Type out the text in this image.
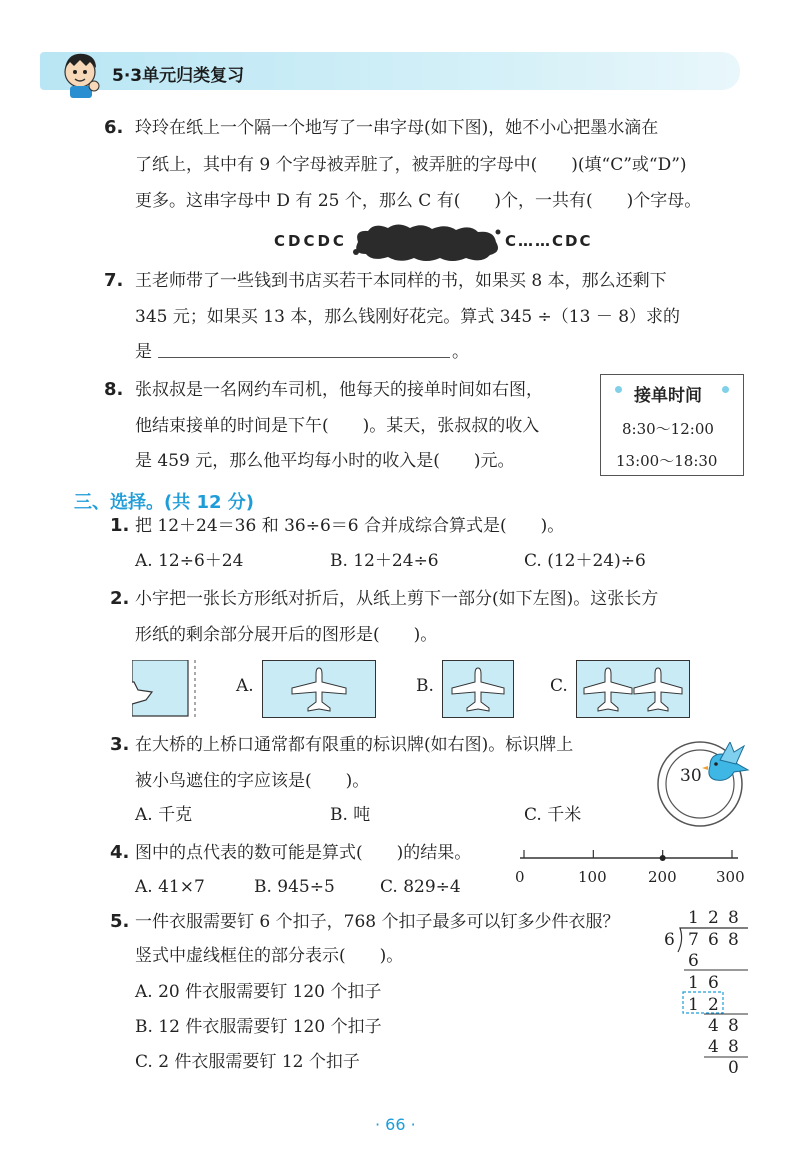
5·3单元归类复习
6. 玲玲在纸上一个隔一个地写了一串字母(如下图)，她不小心把墨水滴在
了纸上，其中有 9 个字母被弄脏了，被弄脏的字母中(　　)(填“C”或“D”)
更多。这串字母中 D 有 25 个，那么 C 有(　　)个，一共有(　　)个字母。
CDCDC	C……CDC
7. 王老师带了一些钱到书店买若干本同样的书，如果买 8 本，那么还剩下
345 元；如果买 13 本，那么钱刚好花完。算式 345 ÷（13 － 8）求的
是	。
8. 张叔叔是一名网约车司机，他每天的接单时间如右图，
他结束接单的时间是下午(　　)。某天，张叔叔的收入
是 459 元，那么他平均每小时的收入是(　　)元。
接单时间
8:30～12:00
13:00～18:30
三、选择。(共 12 分)
1. 把 12＋24＝36 和 36÷6＝6 合并成综合算式是(　　)。
A. 12÷6＋24	B. 12＋24÷6	C. (12＋24)÷6
2. 小宇把一张长方形纸对折后，从纸上剪下一部分(如下左图)。这张长方
形纸的剩余部分展开后的图形是(　　)。
A.	B.	C.
3. 在大桥的上桥口通常都有限重的标识牌(如右图)。标识牌上
被小鸟遮住的字应该是(　　)。
A. 千克	B. 吨	C. 千米
30
4. 图中的点代表的数可能是算式(　　)的结果。
A. 41×7	B. 945÷5	C. 829÷4	0	100	200	300
5. 一件衣服需要钉 6 个扣子，768 个扣子最多可以钉多少件衣服？
竖式中虚线框住的部分表示(　　)。
A. 20 件衣服需要钉 120 个扣子
B. 12 件衣服需要钉 120 个扣子
C. 2 件衣服需要钉 12 个扣子
1 2 8
6 7 6 8
6
1 6
1 2
4 8
4 8
0
· 66 ·
